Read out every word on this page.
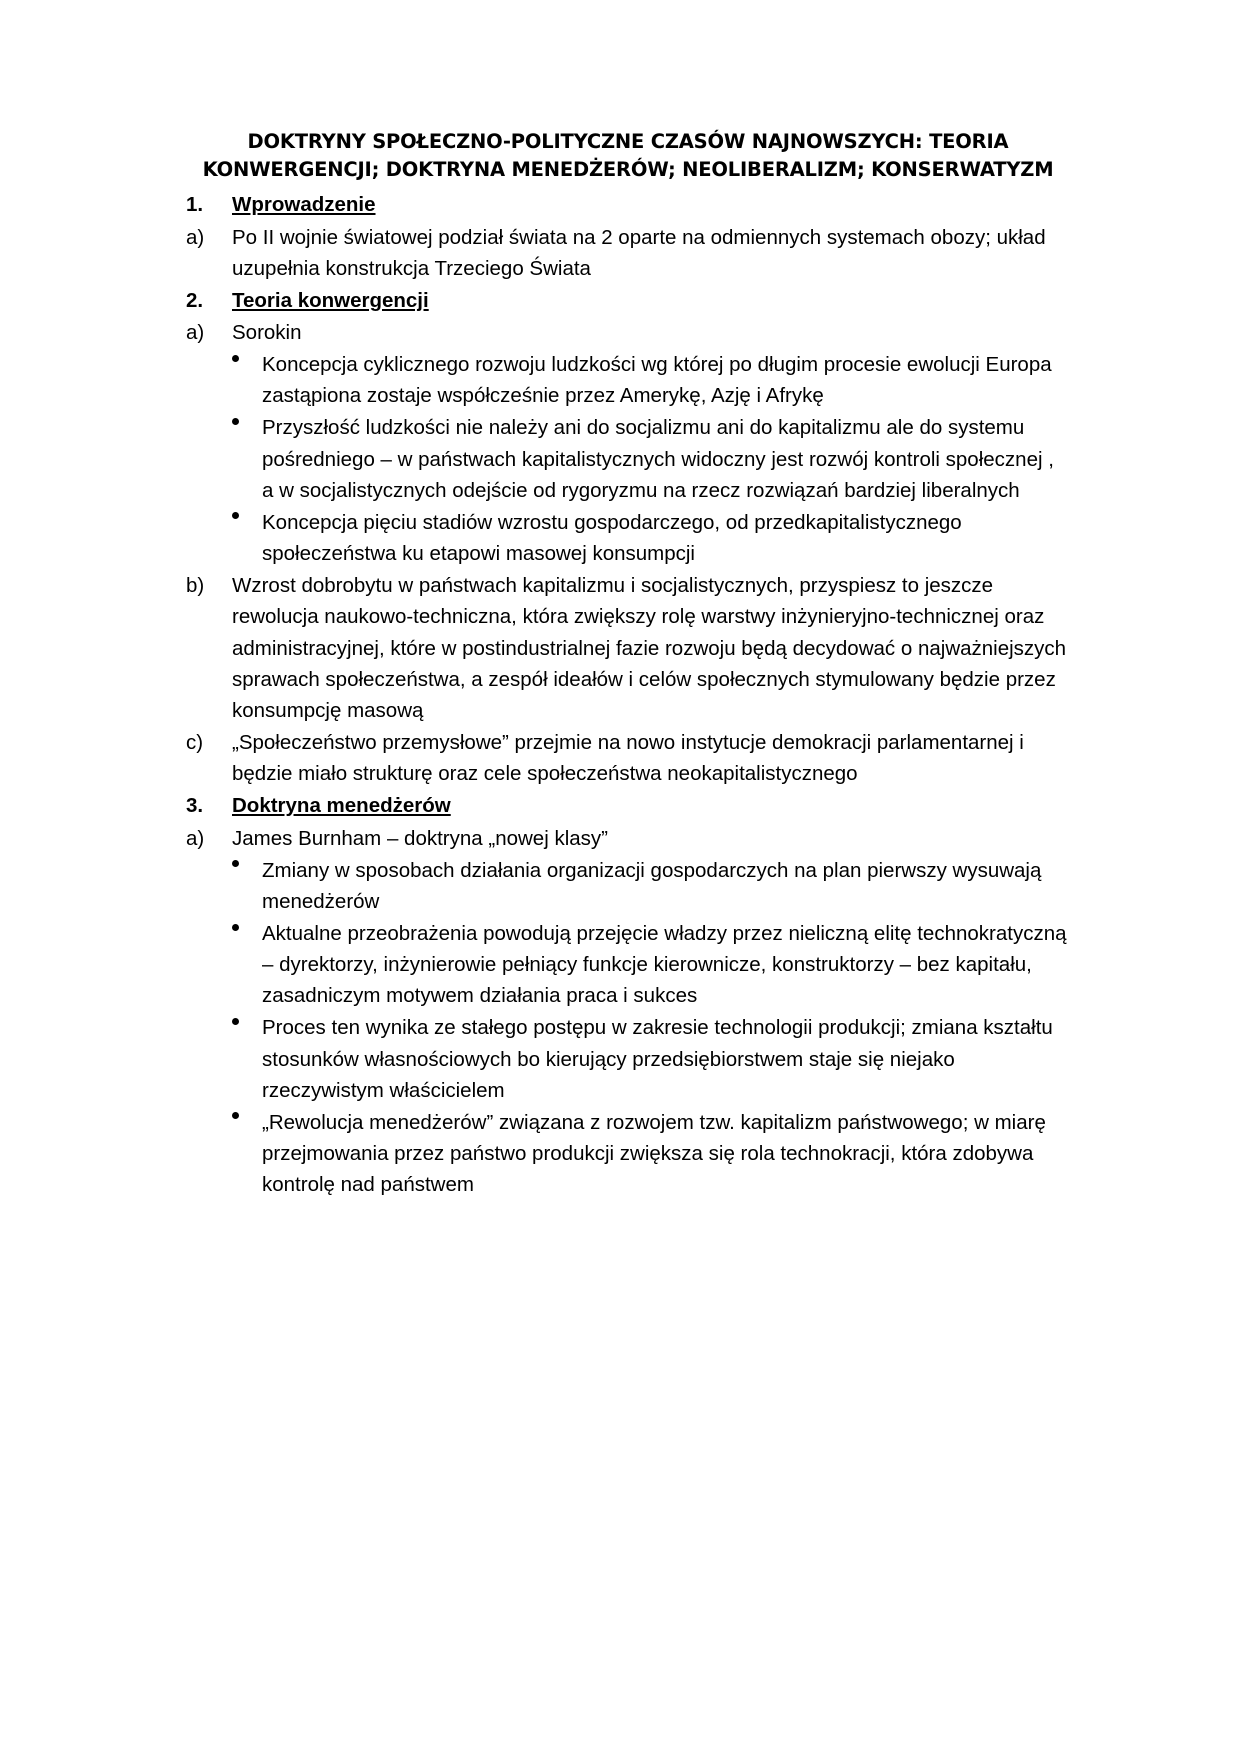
DOKTRYNY SPOŁECZNO-POLITYCZNE CZASÓW NAJNOWSZYCH: TEORIA
KONWERGENCJI; DOKTRYNA MENEDŻERÓW; NEOLIBERALIZM; KONSERWATYZM
1.	Wprowadzenie
a)	Po II wojnie światowej podział świata na 2 oparte na odmiennych systemach obozy; układ uzupełnia konstrukcja Trzeciego Świata
2.	Teoria konwergencji
a)	Sorokin
Koncepcja cyklicznego rozwoju ludzkości wg której po długim procesie ewolucji Europa zastąpiona zostaje współcześnie przez Amerykę, Azję i Afrykę
Przyszłość ludzkości nie należy ani do socjalizmu ani do kapitalizmu ale do systemu pośredniego – w państwach kapitalistycznych widoczny jest rozwój kontroli społecznej , a w socjalistycznych odejście od rygoryzmu na rzecz rozwiązań bardziej liberalnych
Koncepcja pięciu stadiów wzrostu gospodarczego, od przedkapitalistycznego społeczeństwa ku etapowi masowej konsumpcji
b)	Wzrost dobrobytu w państwach kapitalizmu i socjalistycznych, przyspiesz to jeszcze rewolucja naukowo-techniczna, która zwiększy rolę warstwy inżynieryjno-technicznej oraz administracyjnej, które w postindustrialnej fazie rozwoju będą decydować o najważniejszych sprawach społeczeństwa, a zespół ideałów i celów społecznych stymulowany będzie przez konsumpcję masową
c)	„Społeczeństwo przemysłowe” przejmie na nowo instytucje demokracji parlamentarnej i będzie miało strukturę oraz cele społeczeństwa neokapitalistycznego
3.	Doktryna menedżerów
a)	James Burnham – doktryna „nowej klasy”
Zmiany w sposobach działania organizacji gospodarczych na plan pierwszy wysuwają menedżerów
Aktualne przeobrażenia powodują przejęcie władzy przez nieliczną elitę technokratyczną – dyrektorzy, inżynierowie pełniący funkcje kierownicze, konstruktorzy – bez kapitału, zasadniczym motywem działania praca i sukces
Proces ten wynika ze stałego postępu w zakresie technologii produkcji; zmiana kształtu stosunków własnościowych bo kierujący przedsiębiorstwem staje się niejako rzeczywistym właścicielem
„Rewolucja menedżerów” związana z rozwojem tzw. kapitalizm państwowego; w miarę przejmowania przez państwo produkcji zwiększa się rola technokracji, która zdobywa kontrolę nad państwem
